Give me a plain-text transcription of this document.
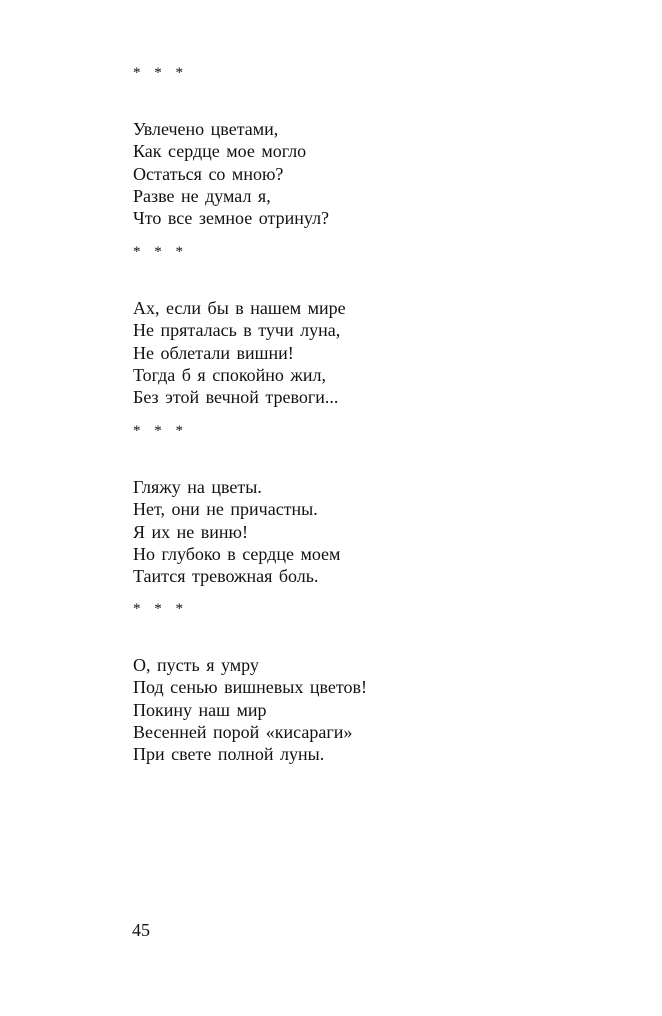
* * *
Увлечено цветами,
Как сердце мое могло
Остаться со мною?
Разве не думал я,
Что все земное отринул?
* * *
Ах, если бы в нашем мире
Не пряталась в тучи луна,
Не облетали вишни!
Тогда б я спокойно жил,
Без этой вечной тревоги...
* * *
Гляжу на цветы.
Нет, они не причастны.
Я их не виню!
Но глубоко в сердце моем
Таится тревожная боль.
* * *
О, пусть я умру
Под сенью вишневых цветов!
Покину наш мир
Весенней порой «кисараги»
При свете полной луны.
45
